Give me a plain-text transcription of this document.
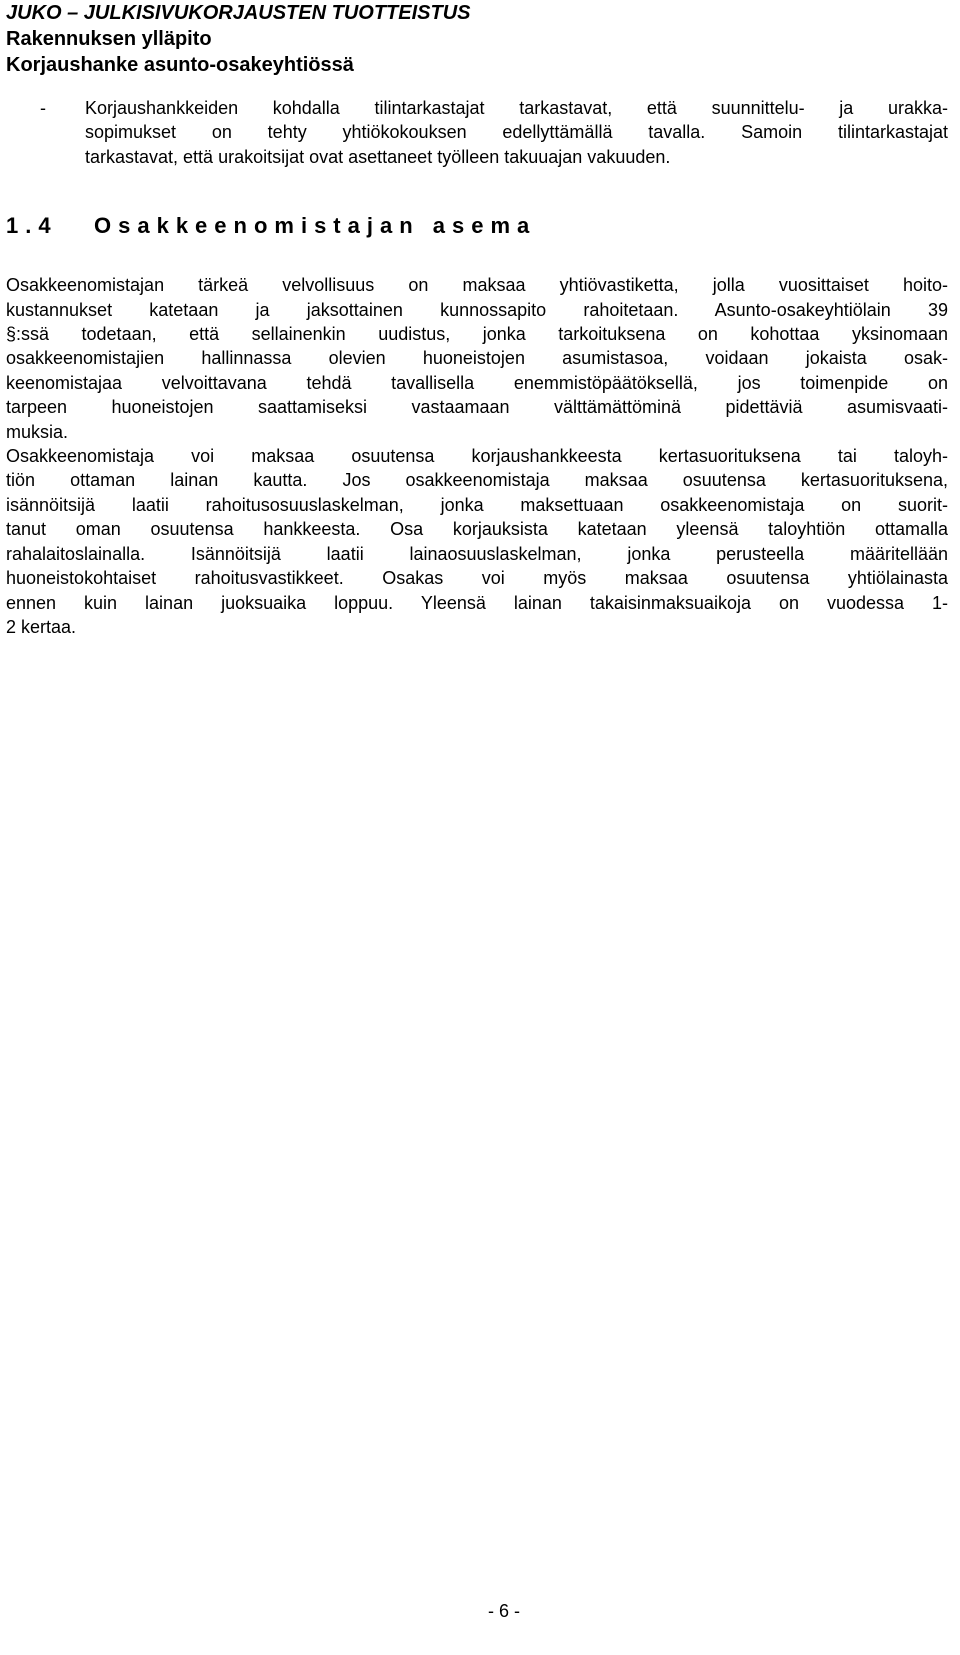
JUKO – JULKISIVUKORJAUSTEN TUOTTEISTUS
Rakennuksen ylläpito
Korjaushanke asunto-osakeyhtiössä
- Korjaushankkeiden kohdalla tilintarkastajat tarkastavat, että suunnittelu- ja urakka-
sopimukset on tehty yhtiökokouksen edellyttämällä tavalla. Samoin tilintarkastajat
tarkastavat, että urakoitsijat ovat asettaneet työlleen takuuajan vakuuden.
1.4 Osakkeenomistajan asema
Osakkeenomistajan tärkeä velvollisuus on maksaa yhtiövastiketta, jolla vuosittaiset hoito-
kustannukset katetaan ja jaksottainen kunnossapito rahoitetaan. Asunto-osakeyhtiölain 39
§:ssä todetaan, että sellainenkin uudistus, jonka tarkoituksena on kohottaa yksinomaan
osakkeenomistajien hallinnassa olevien huoneistojen asumistasoa, voidaan jokaista osak-
keenomistajaa velvoittavana tehdä tavallisella enemmistöpäätöksellä, jos toimenpide on
tarpeen huoneistojen saattamiseksi vastaamaan välttämättöminä pidettäviä asumisvaati-
muksia.
Osakkeenomistaja voi maksaa osuutensa korjaushankkeesta kertasuorituksena tai taloyh-
tiön ottaman lainan kautta. Jos osakkeenomistaja maksaa osuutensa kertasuorituksena,
isännöitsijä laatii rahoitusosuuslaskelman, jonka maksettuaan osakkeenomistaja on suorit-
tanut oman osuutensa hankkeesta. Osa korjauksista katetaan yleensä taloyhtiön ottamalla
rahalaitoslainalla. Isännöitsijä laatii lainaosuuslaskelman, jonka perusteella määritellään
huoneistokohtaiset rahoitusvastikkeet. Osakas voi myös maksaa osuutensa yhtiölainasta
ennen kuin lainan juoksuaika loppuu. Yleensä lainan takaisinmaksuaikoja on vuodessa 1-
2 kertaa.
- 6 -
